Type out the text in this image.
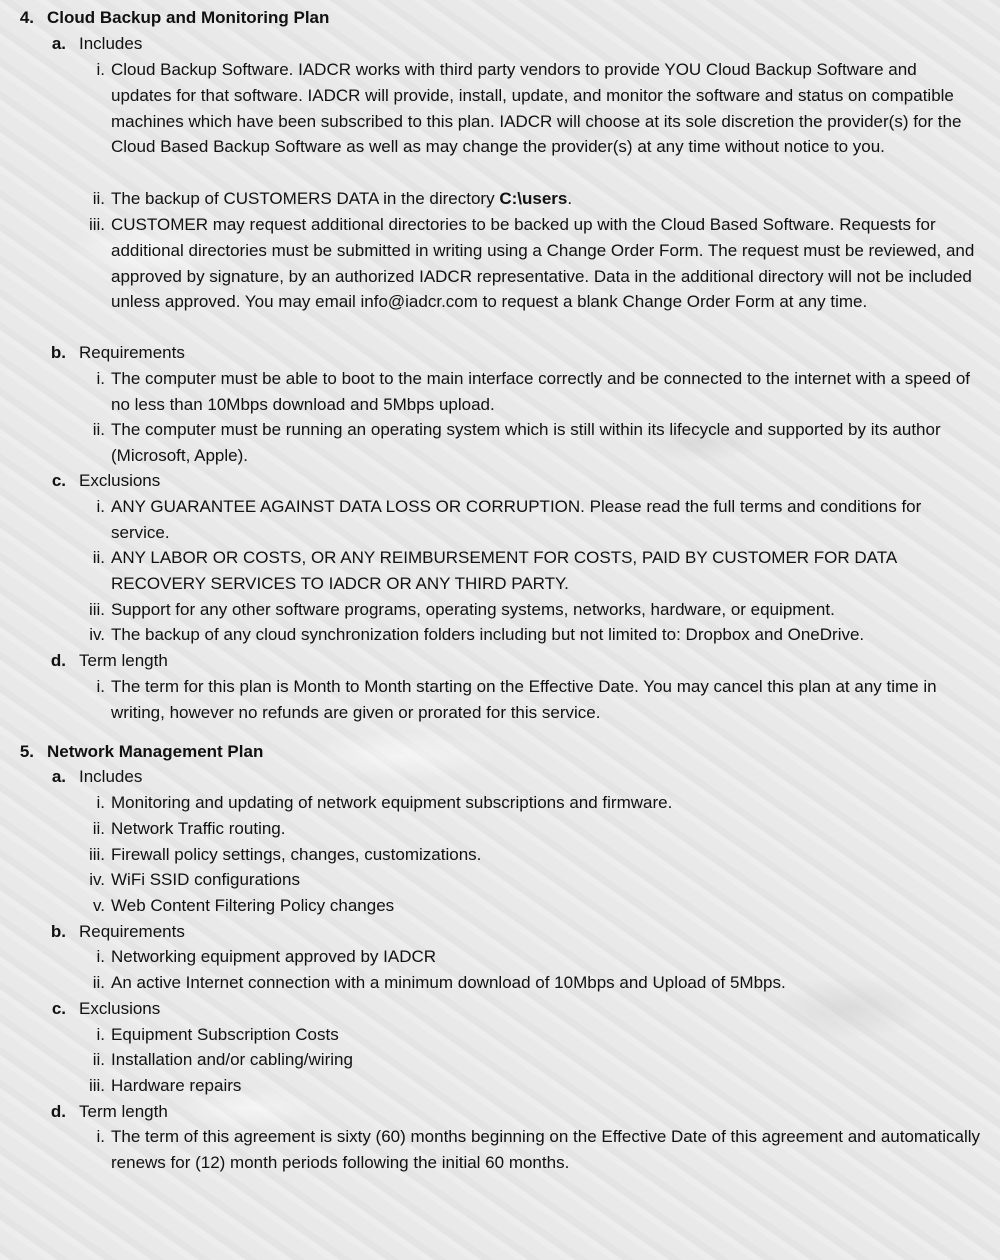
4. Cloud Backup and Monitoring Plan
a. Includes
i. Cloud Backup Software. IADCR works with third party vendors to provide YOU Cloud Backup Software and updates for that software. IADCR will provide, install, update, and monitor the software and status on compatible machines which have been subscribed to this plan. IADCR will choose at its sole discretion the provider(s) for the Cloud Based Backup Software as well as may change the provider(s) at any time without notice to you.
ii. The backup of CUSTOMERS DATA in the directory C:\users.
iii. CUSTOMER may request additional directories to be backed up with the Cloud Based Software. Requests for additional directories must be submitted in writing using a Change Order Form. The request must be reviewed, and approved by signature, by an authorized IADCR representative. Data in the additional directory will not be included unless approved. You may email info@iadcr.com to request a blank Change Order Form at any time.
b. Requirements
i. The computer must be able to boot to the main interface correctly and be connected to the internet with a speed of no less than 10Mbps download and 5Mbps upload.
ii. The computer must be running an operating system which is still within its lifecycle and supported by its author (Microsoft, Apple).
c. Exclusions
i. ANY GUARANTEE AGAINST DATA LOSS OR CORRUPTION. Please read the full terms and conditions for service.
ii. ANY LABOR OR COSTS, OR ANY REIMBURSEMENT FOR COSTS, PAID BY CUSTOMER FOR DATA RECOVERY SERVICES TO IADCR OR ANY THIRD PARTY.
iii. Support for any other software programs, operating systems, networks, hardware, or equipment.
iv. The backup of any cloud synchronization folders including but not limited to: Dropbox and OneDrive.
d. Term length
i. The term for this plan is Month to Month starting on the Effective Date. You may cancel this plan at any time in writing, however no refunds are given or prorated for this service.
5. Network Management Plan
a. Includes
i. Monitoring and updating of network equipment subscriptions and firmware.
ii. Network Traffic routing.
iii. Firewall policy settings, changes, customizations.
iv. WiFi SSID configurations
v. Web Content Filtering Policy changes
b. Requirements
i. Networking equipment approved by IADCR
ii. An active Internet connection with a minimum download of 10Mbps and Upload of 5Mbps.
c. Exclusions
i. Equipment Subscription Costs
ii. Installation and/or cabling/wiring
iii. Hardware repairs
d. Term length
i. The term of this agreement is sixty (60) months beginning on the Effective Date of this agreement and automatically renews for (12) month periods following the initial 60 months.
